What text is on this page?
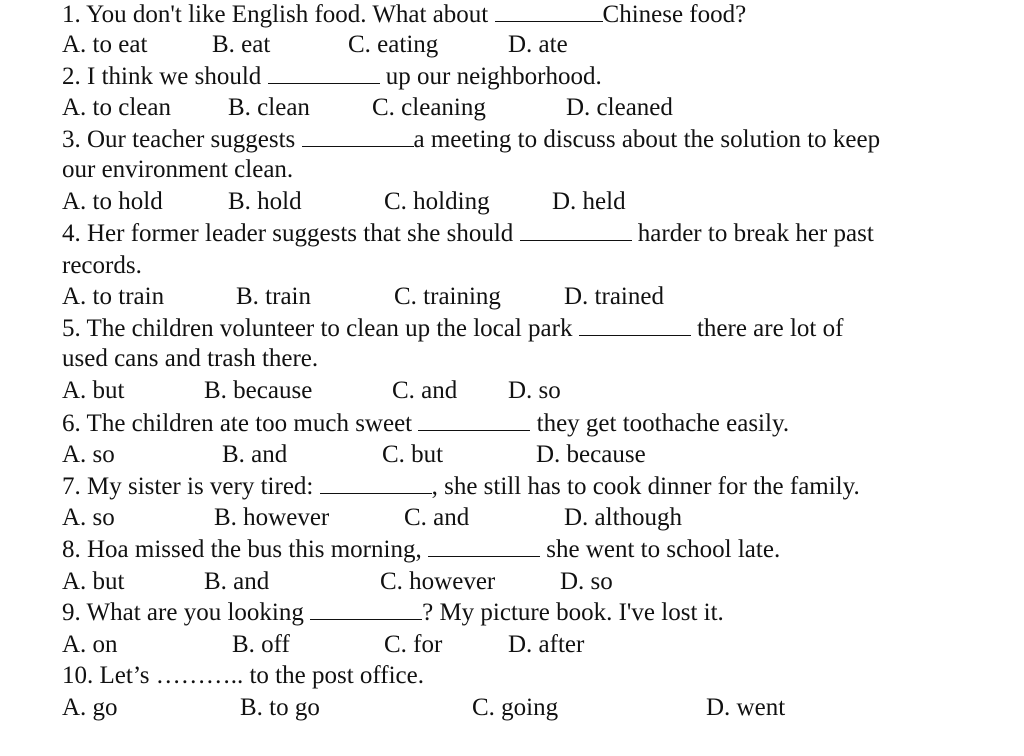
1. You don't like English food. What about	Chinese food?
A. to eat	B. eat	C. eating	D. ate
2. I think we should	up our neighborhood.
A. to clean B. clean C. cleaning	D. cleaned
3. Our teacher suggests	a meeting to discuss about the solution to keep
our environment clean.
A. to hold	B. hold	C. holding D. held
4. Her former leader suggests that she should	harder to break her past
records.
A. to train	B. train	C. training	D. trained
5. The children volunteer to clean up the local park	there are lot of
used cans and trash there.
A. but	B. because	C. and D. so
6. The children ate too much sweet	they get toothache easily.
A. so	B. and	C. but	D. because
7. My sister is very tired:	, she still has to cook dinner for the family.
A. so	B. however	C. and	D. although
8. Hoa missed the bus this morning,	she went to school late.
A. but	B. and	C. however	D. so
9. What are you looking	? My picture book. I've lost it.
A. on	B. off	C. for	D. after
10. Let’s ……….. to the post office.
A. go	B. to go	C. going	D. went
